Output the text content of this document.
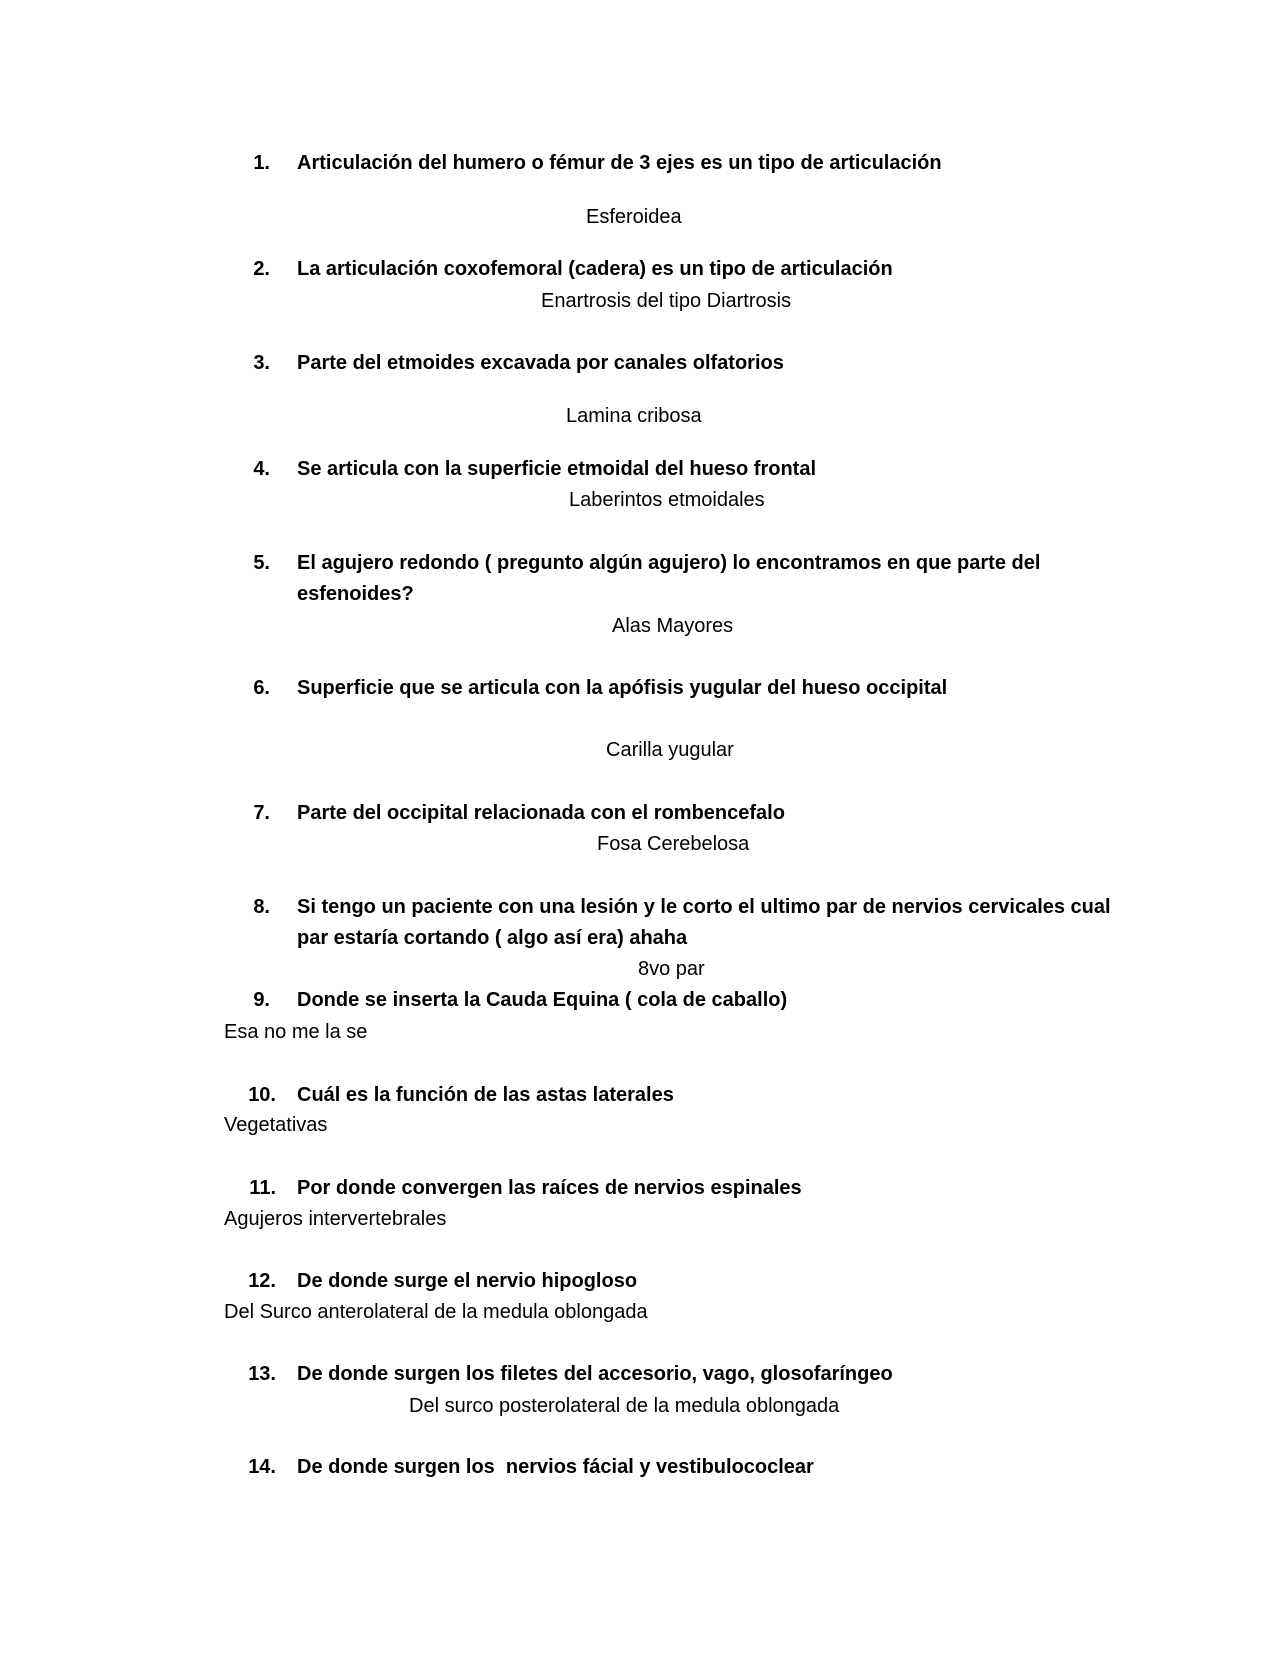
1. Articulación del humero o fémur de 3 ejes es un tipo de articulación
Esferoidea
2. La articulación coxofemoral (cadera) es un tipo de articulación
Enartrosis del tipo Diartrosis
3. Parte del etmoides excavada por canales olfatorios
Lamina cribosa
4. Se articula con la superficie etmoidal del hueso frontal
Laberintos etmoidales
5. El agujero redondo ( pregunto algún agujero) lo encontramos en que parte del esfenoides?
Alas Mayores
6. Superficie que se articula con la apófisis yugular del hueso occipital
Carilla yugular
7. Parte del occipital relacionada con el rombencefalo
Fosa Cerebelosa
8. Si tengo un paciente con una lesión y le corto el ultimo par de nervios cervicales cual par estaría cortando ( algo así era) ahaha
8vo par
9. Donde se inserta la Cauda Equina ( cola de caballo)
Esa no me la se
10. Cuál es la función de las astas laterales
Vegetativas
11. Por donde convergen las raíces de nervios espinales
Agujeros intervertebrales
12. De donde surge el nervio hipogloso
Del Surco anterolateral de la medula oblongada
13. De donde surgen los filetes del accesorio, vago, glosofaríngeo
Del surco posterolateral de la medula oblongada
14. De donde surgen los  nervios fácial y vestibulococlear
